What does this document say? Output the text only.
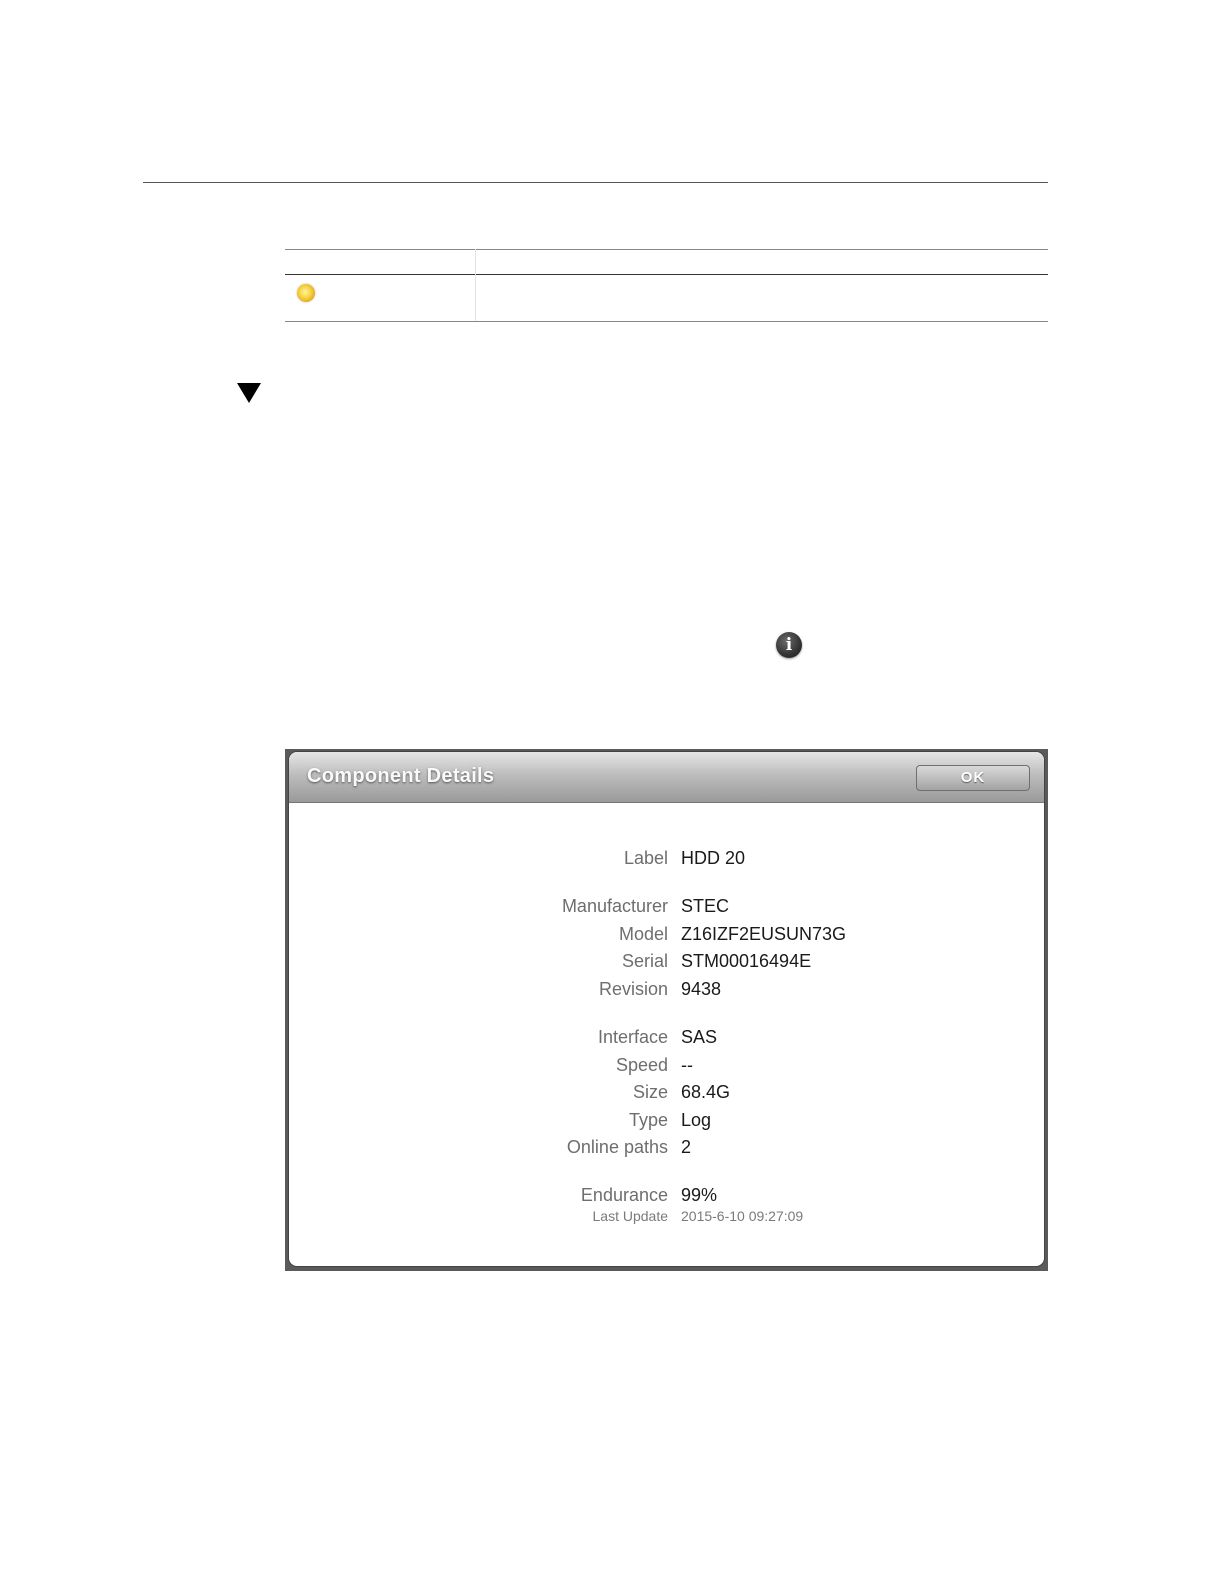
i
Component Details	OK
Label HDD 20
Manufacturer STEC
Model Z16IZF2EUSUN73G
Serial STM00016494E
Revision 9438
Interface SAS
Speed --
Size 68.4G
Type Log
Online paths 2
Endurance 99%
Last Update 2015-6-10 09:27:09
